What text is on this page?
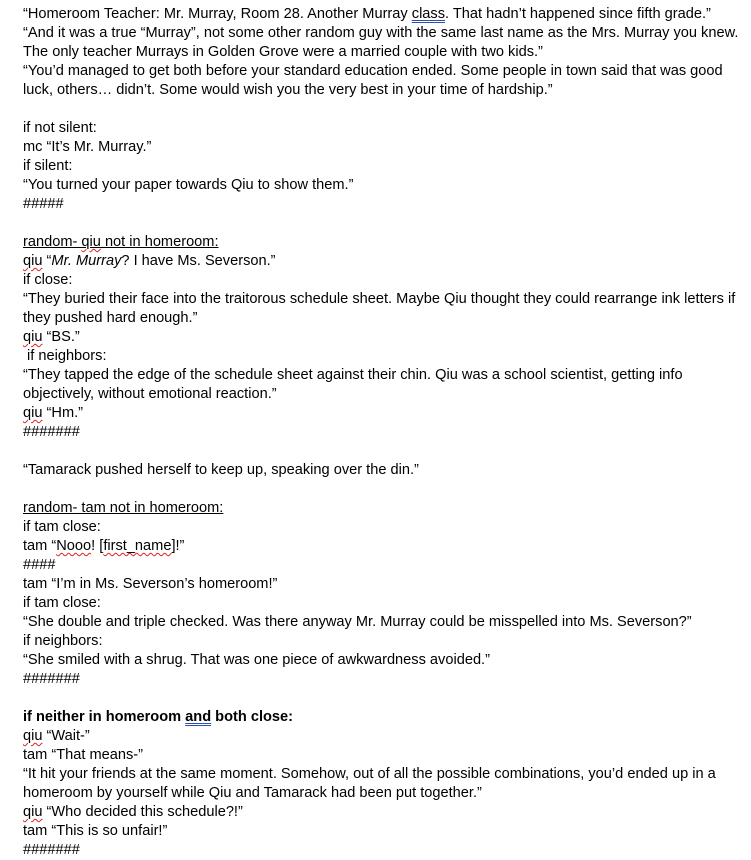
“Homeroom Teacher: Mr. Murray, Room 28. Another Murray class. That hadn’t happened since fifth grade.”
“And it was a true “Murray”, not some other random guy with the same last name as the Mrs. Murray you knew. The only teacher Murrays in Golden Grove were a married couple with two kids.”
“You’d managed to get both before your standard education ended. Some people in town said that was good luck, others… didn’t. Some would wish you the very best in your time of hardship.”
if not silent:
mc “It’s Mr. Murray.”
if silent:
“You turned your paper towards Qiu to show them.”
#####
random- qiu not in homeroom:
qiu “Mr. Murray? I have Ms. Severson.”
if close:
“They buried their face into the traitorous schedule sheet. Maybe Qiu thought they could rearrange ink letters if they pushed hard enough.”
qiu “BS.”
if neighbors:
“They tapped the edge of the schedule sheet against their chin. Qiu was a school scientist, getting info objectively, without emotional reaction.”
qiu “Hm.”
#######
“Tamarack pushed herself to keep up, speaking over the din.”
random- tam not in homeroom:
if tam close:
tam “Nooo! [first_name]!”
####
tam “I’m in Ms. Severson’s homeroom!”
if tam close:
“She double and triple checked. Was there anyway Mr. Murray could be misspelled into Ms. Severson?”
if neighbors:
“She smiled with a shrug. That was one piece of awkwardness avoided.”
#######
if neither in homeroom and both close:
qiu “Wait-”
tam “That means-”
“It hit your friends at the same moment. Somehow, out of all the possible combinations, you’d ended up in a homeroom by yourself while Qiu and Tamarack had been put together.”
qiu “Who decided this schedule?!”
tam “This is so unfair!”
#######
